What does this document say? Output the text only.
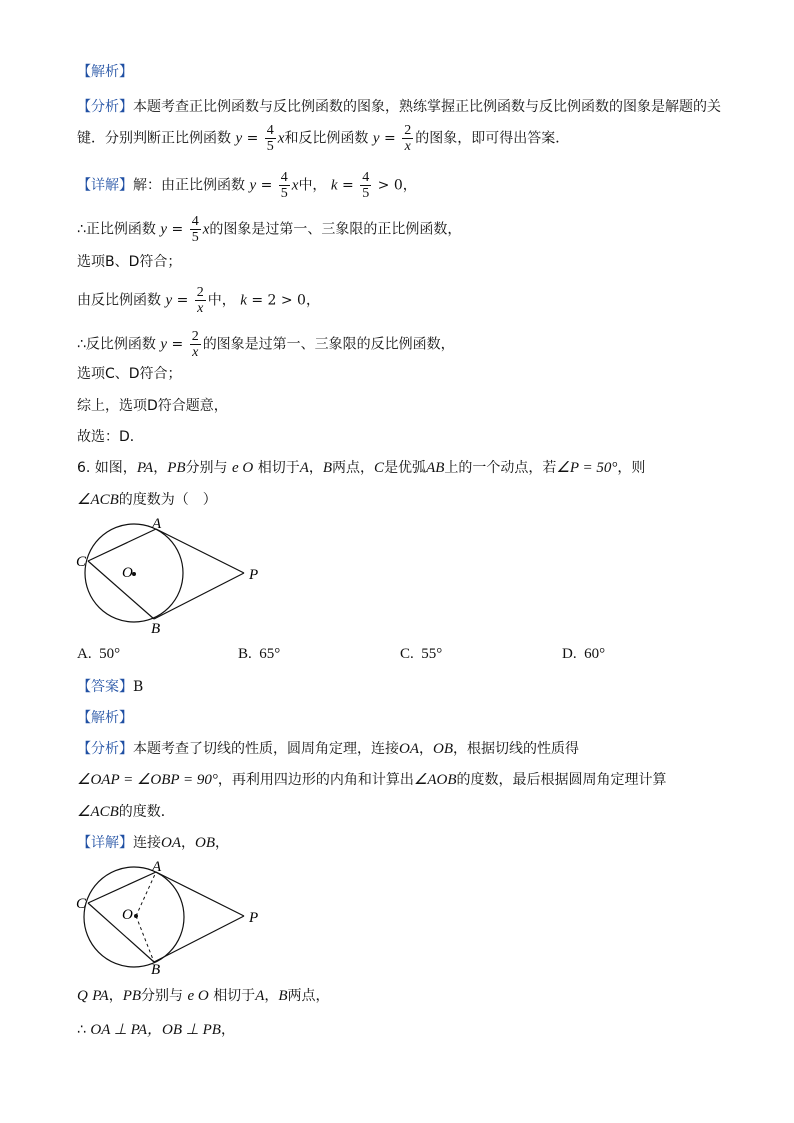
【解析】
【分析】本题考查正比例函数与反比例函数的图象，熟练掌握正比例函数与反比例函数的图象是解题的关
键．分别判断正比例函数 $y = \frac{4}{5}$ x和反比例函数 $y = \frac{2}{x}$ 的图象，即可得出答案．
【详解】解：由正比例函数 $y = \frac{4}{5}$ x中， $k = \frac{4}{5} > 0$，
∴正比例函数 $y = \frac{4}{5}$ x的图象是过第一、三象限的正比例函数，
选项B、D符合；
由反比例函数 $y = \frac{2}{x}$ 中， k = 2 > 0，
∴反比例函数 $y = \frac{2}{x}$ 的图象是过第一、三象限的反比例函数，
选项C、D符合；
综上，选项D符合题意，
故选：D．
6. 如图，PA，PB分别与 e O 相切于A，B两点，C是优弧AB上的一个动点，若∠P = 50°，则
∠ACB的度数为（　）
A
B
C
O	P
A. 50°	B. 65°	C. 55°	D. 60°
【答案】B
【解析】
【分析】本题考查了切线的性质，圆周角定理，连接OA，OB，根据切线的性质得
∠OAP = ∠OBP = 90°，再利用四边形的内角和计算出∠AOB的度数，最后根据圆周角定理计算
∠ACB的度数．
【详解】连接OA，OB，
A
B
C
O	P
Q PA，PB分别与 e O 相切于A，B两点，
∴ OA ⊥ PA，OB ⊥ PB，
